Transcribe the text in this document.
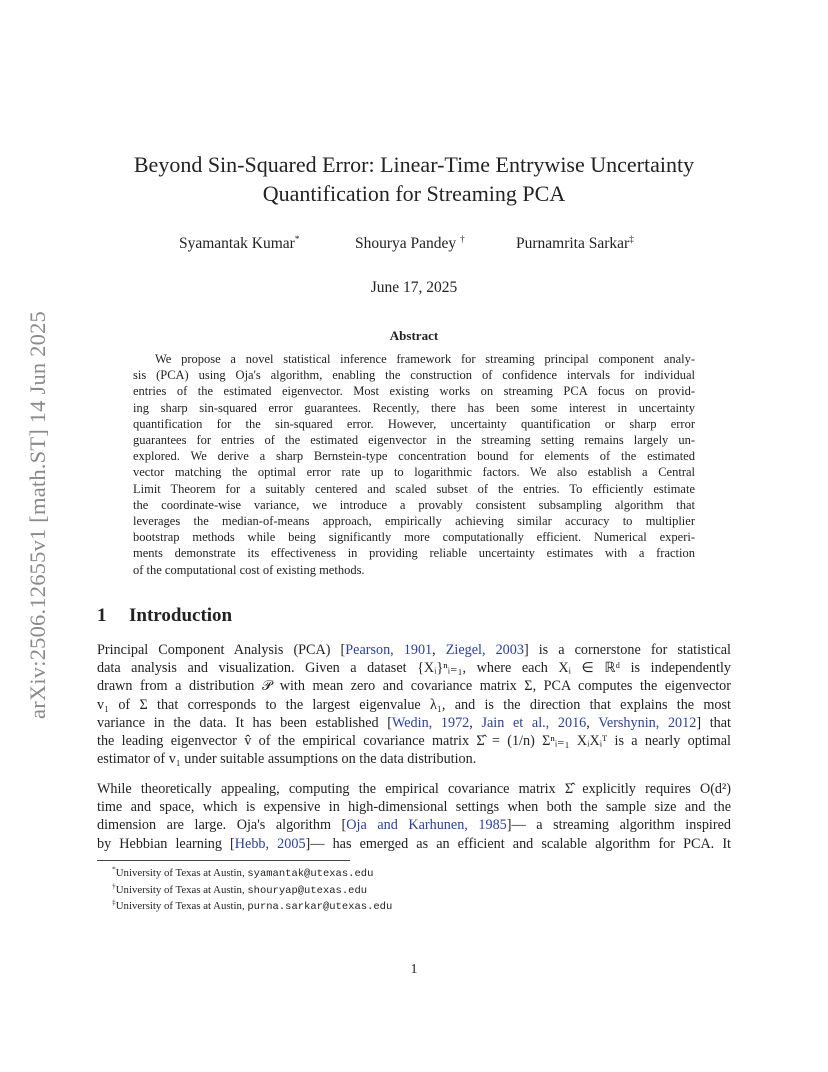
arXiv:2506.12655v1 [math.ST] 14 Jun 2025
Beyond Sin-Squared Error: Linear-Time Entrywise Uncertainty
Quantification for Streaming PCA
Syamantak Kumar*	Shourya Pandey †	Purnamrita Sarkar‡
June 17, 2025
Abstract
We propose a novel statistical inference framework for streaming principal component analy-
sis (PCA) using Oja's algorithm, enabling the construction of confidence intervals for individual
entries of the estimated eigenvector. Most existing works on streaming PCA focus on provid-
ing sharp sin-squared error guarantees. Recently, there has been some interest in uncertainty
quantification for the sin-squared error. However, uncertainty quantification or sharp error
guarantees for entries of the estimated eigenvector in the streaming setting remains largely un-
explored. We derive a sharp Bernstein-type concentration bound for elements of the estimated
vector matching the optimal error rate up to logarithmic factors. We also establish a Central
Limit Theorem for a suitably centered and scaled subset of the entries. To efficiently estimate
the coordinate-wise variance, we introduce a provably consistent subsampling algorithm that
leverages the median-of-means approach, empirically achieving similar accuracy to multiplier
bootstrap methods while being significantly more computationally efficient. Numerical experi-
ments demonstrate its effectiveness in providing reliable uncertainty estimates with a fraction
of the computational cost of existing methods.
1 Introduction
Principal Component Analysis (PCA) [Pearson, 1901, Ziegel, 2003] is a cornerstone for statistical
data analysis and visualization. Given a dataset {Xᵢ}ⁿᵢ₌₁, where each Xᵢ ∈ ℝᵈ is independently
drawn from a distribution 𝒫 with mean zero and covariance matrix Σ, PCA computes the eigenvector
v₁ of Σ that corresponds to the largest eigenvalue λ₁, and is the direction that explains the most
variance in the data. It has been established [Wedin, 1972, Jain et al., 2016, Vershynin, 2012] that
the leading eigenvector v̂ of the empirical covariance matrix Σ̂ = (1/n) Σⁿᵢ₌₁ XᵢXᵢᵀ is a nearly optimal
estimator of v₁ under suitable assumptions on the data distribution.
While theoretically appealing, computing the empirical covariance matrix Σ̂ explicitly requires O(d²)
time and space, which is expensive in high-dimensional settings when both the sample size and the
dimension are large. Oja's algorithm [Oja and Karhunen, 1985]— a streaming algorithm inspired
by Hebbian learning [Hebb, 2005]— has emerged as an efficient and scalable algorithm for PCA. It
*University of Texas at Austin, syamantak@utexas.edu
†University of Texas at Austin, shouryap@utexas.edu
‡University of Texas at Austin, purna.sarkar@utexas.edu
1
